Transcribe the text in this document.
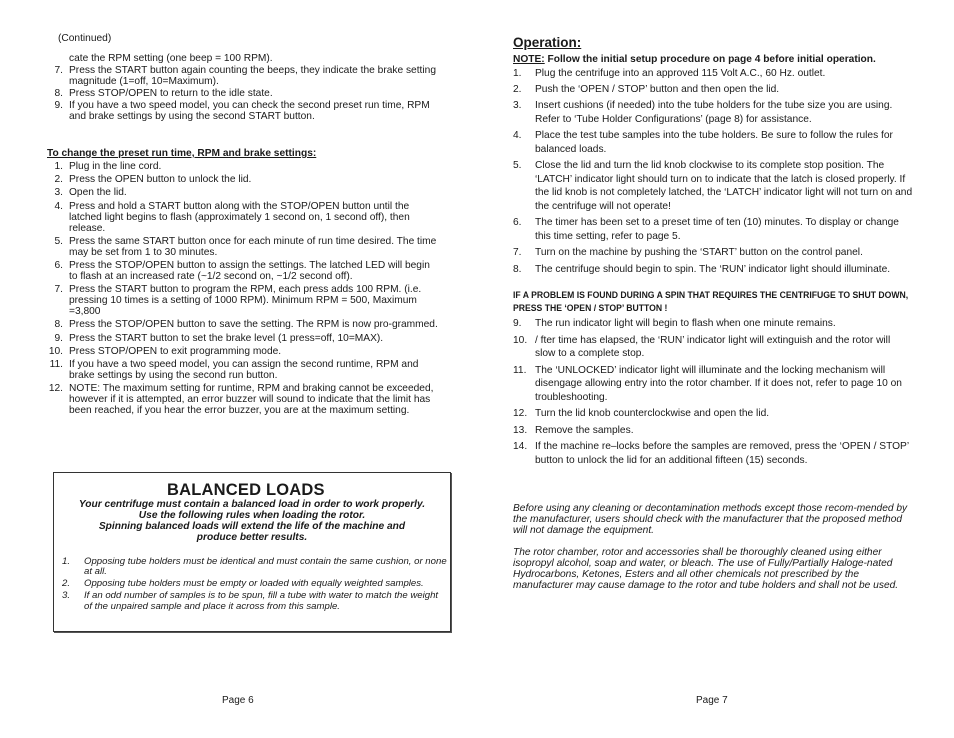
(Continued)
cate the RPM setting (one beep = 100 RPM).
7. Press the START button again counting the beeps, they indicate the brake setting magnitude (1=off, 10=Maximum).
8. Press STOP/OPEN to return to the idle state.
9. If you have a two speed model, you can check the second preset run time, RPM and brake settings by using the second START button.
To change the preset run time, RPM and brake settings:
1. Plug in the line cord.
2. Press the OPEN button to unlock the lid.
3. Open the lid.
4. Press and hold a START button along with the STOP/OPEN button until the latched light begins to flash (approximately 1 second on, 1 second off), then release.
5. Press the same START button once for each minute of run time desired. The time may be set from 1 to 30 minutes.
6. Press the STOP/OPEN button to assign the settings. The latched LED will begin to flash at an increased rate (~1/2 second on, ~1/2 second off).
7. Press the START button to program the RPM, each press adds 100 RPM. (i.e. pressing 10 times is a setting of 1000 RPM). Minimum RPM = 500, Maximum =3,800
8. Press the STOP/OPEN button to save the setting. The RPM is now pro-grammed.
9. Press the START button to set the brake level (1 press=off, 10=MAX).
10. Press STOP/OPEN to exit programming mode.
11. If you have a two speed model, you can assign the second runtime, RPM and brake settings by using the second run button.
12. NOTE: The maximum setting for runtime, RPM and braking cannot be exceeded, however if it is attempted, an error buzzer will sound to indicate that the limit has been reached, if you hear the error buzzer, you are at the maximum setting.
BALANCED LOADS
Your centrifuge must contain a balanced load in order to work properly.
Use the following rules when loading the rotor.
Spinning balanced loads will extend the life of the machine and
produce better results.
1. Opposing tube holders must be identical and must contain the same cushion, or none at all.
2. Opposing tube holders must be empty or loaded with equally weighted samples.
3. If an odd number of samples is to be spun, fill a tube with water to match the weight of the unpaired sample and place it across from this sample.
Operation:
NOTE: Follow the initial setup procedure on page 4 before initial operation.
1. Plug the centrifuge into an approved 115 Volt A.C., 60 Hz. outlet.
2. Push the ‘OPEN / STOP’ button and then open the lid.
3. Insert cushions (if needed) into the tube holders for the tube size you are using. Refer to ‘Tube Holder Configurations’ (page 8) for assistance.
4. Place the test tube samples into the tube holders. Be sure to follow the rules for balanced loads.
5. Close the lid and turn the lid knob clockwise to its complete stop position. The ‘LATCH’ indicator light should turn on to indicate that the latch is closed properly. If the lid knob is not completely latched, the ‘LATCH’ indicator light will not turn on and the centrifuge will not operate!
6. The timer has been set to a preset time of ten (10) minutes. To display or change this time setting, refer to page 5.
7. Turn on the machine by pushing the ‘START’ button on the control panel.
8. The centrifuge should begin to spin. The ‘RUN’ indicator light should illuminate.
IF A PROBLEM IS FOUND DURING A SPIN THAT REQUIRES THE CENTRIFUGE TO SHUT DOWN, PRESS THE ‘OPEN / STOP’ BUTTON !
9. The run indicator light will begin to flash when one minute remains.
10. / fter time has elapsed, the ‘RUN’ indicator light will extinguish and the rotor will slow to a complete stop.
11. The ‘UNLOCKED’ indicator light will illuminate and the locking mechanism will disengage allowing entry into the rotor chamber. If it does not, refer to page 10 on troubleshooting.
12. Turn the lid knob counterclockwise and open the lid.
13. Remove the samples.
14. If the machine re–locks before the samples are removed, press the ‘OPEN / STOP’ button to unlock the lid for an additional fifteen (15) seconds.

Before using any cleaning or decontamination methods except those recom-mended by the manufacturer, users should check with the manufacturer that the proposed method will not damage the equipment.

The rotor chamber, rotor and accessories shall be thoroughly cleaned using either isopropyl alcohol, soap and water, or bleach. The use of Fully/Partially Haloge-nated Hydrocarbons, Ketones, Esters and all other chemicals not prescribed by the manufacturer may cause damage to the rotor and tube holders and shall not be used.

Page 6	Page 7
